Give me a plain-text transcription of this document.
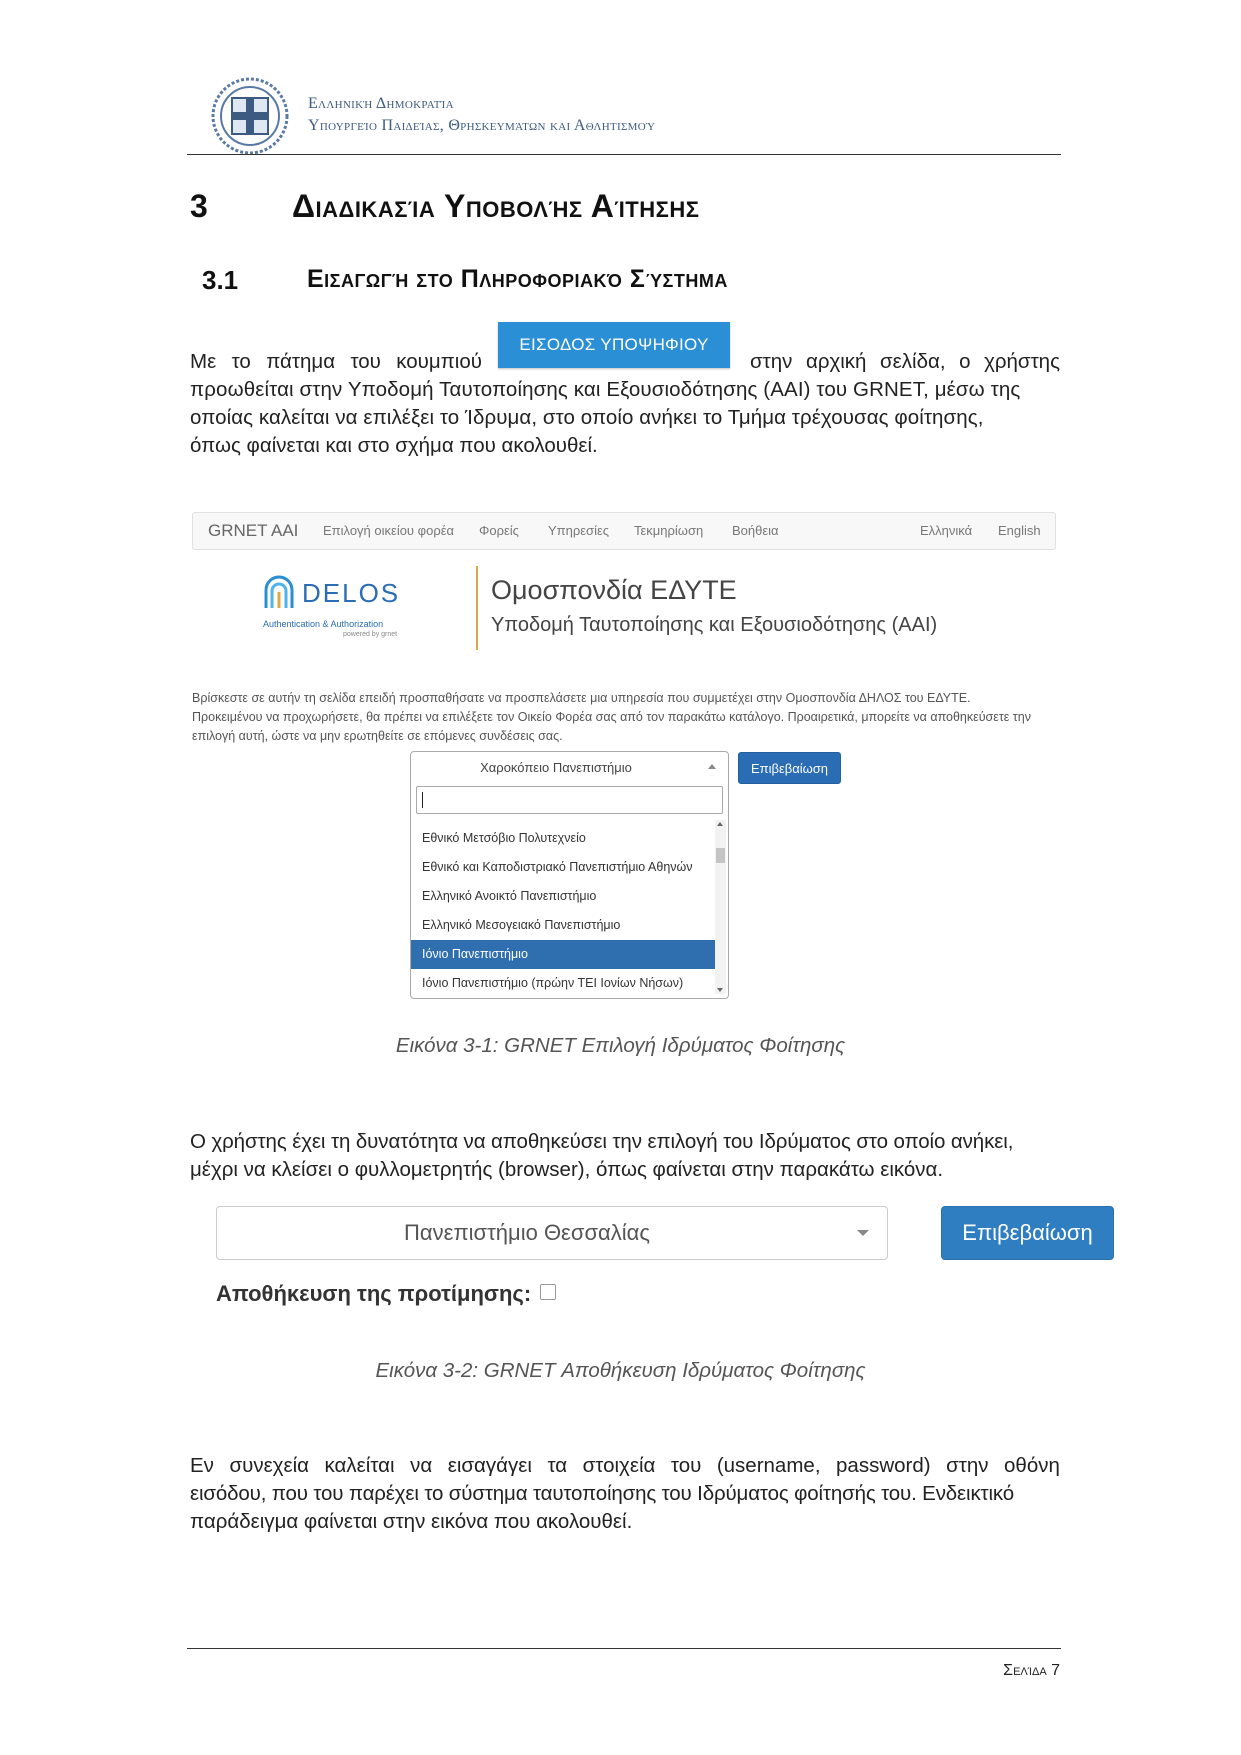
Ελληνική Δημοκρατία
Υπουργείο Παιδείας, Θρησκευμάτων και Αθλητισμού
3	Διαδικασία Υποβολής Αίτησης
3.1	Εισαγωγή στο Πληροφοριακό Σύστημα
Με το πάτημα του κουμπιού	στην αρχική σελίδα, ο χρήστης
προωθείται στην Υποδομή Ταυτοποίησης και Εξουσιοδότησης (AAI) του GRNET, μέσω της
οποίας καλείται να επιλέξει το Ίδρυμα, στο οποίο ανήκει το Τμήμα τρέχουσας φοίτησης,
όπως φαίνεται και στο σχήμα που ακολουθεί.
ΕΙΣΟΔΟΣ ΥΠΟΨΗΦΙΟΥ
GRNET AAI Επιλογή οικείου φορέα Φορείς Υπηρεσίες Τεκμηρίωση Βοήθεια	Ελληνικά English
DELOS
Authentication & Authorization
powered by grnet
Ομοσπονδία ΕΔΥΤΕ
Υποδομή Ταυτοποίησης και Εξουσιοδότησης (AAI)
Βρίσκεστε σε αυτήν τη σελίδα επειδή προσπαθήσατε να προσπελάσετε μια υπηρεσία που συμμετέχει στην Ομοσπονδία ΔΗΛΟΣ του ΕΔΥΤΕ.
Προκειμένου να προχωρήσετε, θα πρέπει να επιλέξετε τον Οικείο Φορέα σας από τον παρακάτω κατάλογο. Προαιρετικά, μπορείτε να αποθηκεύσετε την
επιλογή αυτή, ώστε να μην ερωτηθείτε σε επόμενες συνδέσεις σας.
Χαροκόπειο Πανεπιστήμιο	Επιβεβαίωση
Εθνικό Μετσόβιο Πολυτεχνείο
Εθνικό και Καποδιστριακό Πανεπιστήμιο Αθηνών
Ελληνικό Ανοικτό Πανεπιστήμιο
Ελληνικό Μεσογειακό Πανεπιστήμιο
Ιόνιο Πανεπιστήμιο
Ιόνιο Πανεπιστήμιο (πρώην ΤΕΙ Ιονίων Νήσων)
Εικόνα 3-1: GRNET Επιλογή Ιδρύματος Φοίτησης
Ο χρήστης έχει τη δυνατότητα να αποθηκεύσει την επιλογή του Ιδρύματος στο οποίο ανήκει,
μέχρι να κλείσει ο φυλλομετρητής (browser), όπως φαίνεται στην παρακάτω εικόνα.
Πανεπιστήμιο Θεσσαλίας	Επιβεβαίωση
Αποθήκευση της προτίμησης:
Εικόνα 3-2: GRNET Αποθήκευση Ιδρύματος Φοίτησης
Εν συνεχεία καλείται να εισαγάγει τα στοιχεία του (username, password) στην οθόνη
εισόδου, που του παρέχει το σύστημα ταυτοποίησης του Ιδρύματος φοίτησής του. Ενδεικτικό
παράδειγμα φαίνεται στην εικόνα που ακολουθεί.
Σελίδα 7
